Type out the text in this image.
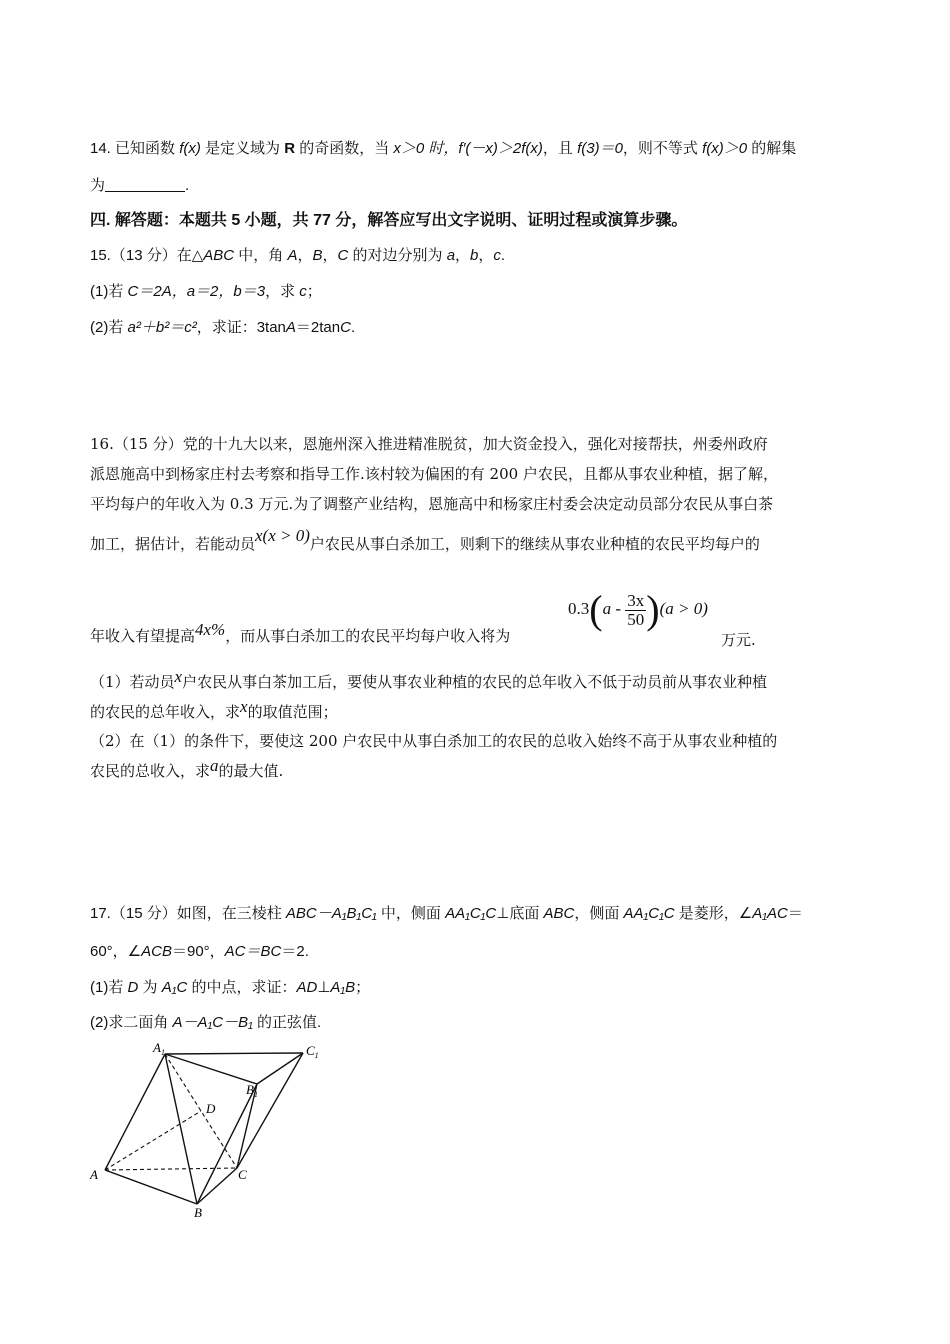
14. 已知函数 f(x) 是定义域为 R 的奇函数，当 x＞0 时，f′(－x)＞2f(x)，且 f(3)＝0，则不等式 f(x)＞0 的解集
为	.
四. 解答题：本题共 5 小题，共 77 分，解答应写出文字说明、证明过程或演算步骤。
15.（13 分）在△ABC 中，角 A，B，C 的对边分别为 a，b，c.
(1)若 C＝2A，a＝2，b＝3，求 c；
(2)若 a²＋b²＝c²，求证：3tanA＝2tanC.
16.（15 分）党的十九大以来，恩施州深入推进精准脱贫，加大资金投入，强化对接帮扶，州委州政府
派恩施高中到杨家庄村去考察和指导工作.该村较为偏困的有 200 户农民，且都从事农业种植，据了解，
平均每户的年收入为 0.3 万元.为了调整产业结构，恩施高中和杨家庄村委会决定动员部分农民从事白茶
加工，据估计，若能动员x(x > 0)户农民从事白杀加工，则剩下的继续从事农业种植的农民平均每户的
年收入有望提高4x%，而从事白杀加工的农民平均每户收入将为
$0.3(a - \frac{3x}{50} )(a > 0)$
万元.
（1）若动员x户农民从事白茶加工后，要使从事农业种植的农民的总年收入不低于动员前从事农业种植
的农民的总年收入，求x的取值范围；
（2）在（1）的条件下，要使这 200 户农民中从事白杀加工的农民的总收入始终不高于从事农业种植的
农民的总收入，求a的最大值.
17.（15 分）如图，在三棱柱 ABC－A₁B₁C₁ 中，侧面 AA₁C₁C⊥底面 ABC，侧面 AA₁C₁C 是菱形，∠A₁AC＝
60°，∠ACB＝90°，AC＝BC＝2.
(1)若 D 为 A₁C 的中点，求证：AD⊥A₁B；
(2)求二面角 A－A₁C－B₁ 的正弦值.
$A_1$	$C_1$
$B_1$
D
A	C
B
